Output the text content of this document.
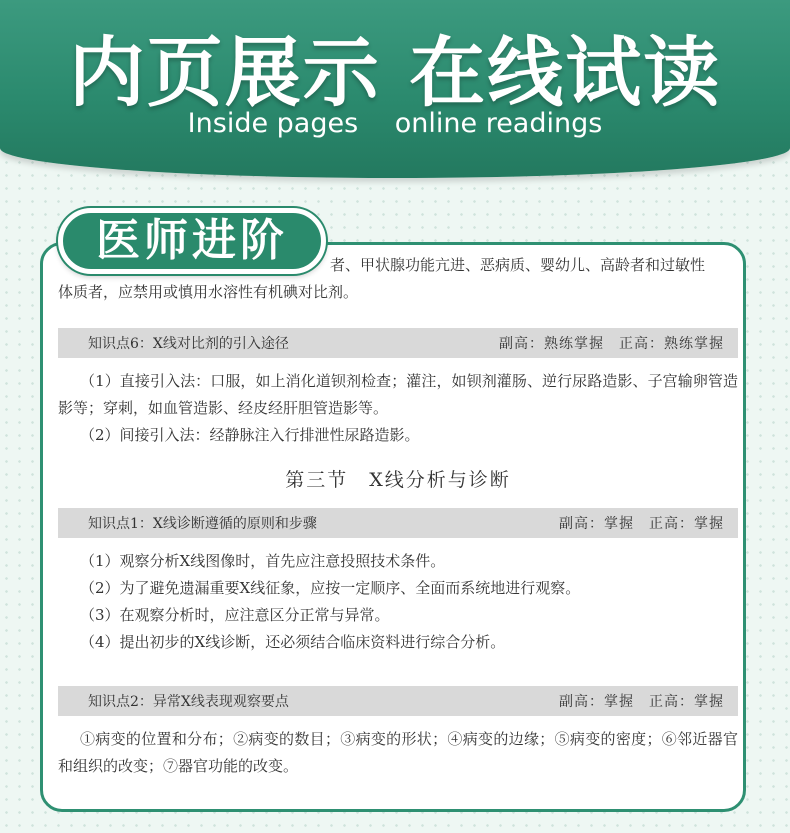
内页展示 在线试读
Inside pages online readings

者、甲状腺功能亢进、恶病质、婴幼儿、高龄者和过敏性

体质者，应禁用或慎用水溶性有机碘对比剂。

知识点6：X线对比剂的引入途径	副高：熟练掌握　正高：熟练掌握

（1）直接引入法：口服，如上消化道钡剂检查；灌注，如钡剂灌肠、逆行尿路造影、子宫输卵管造影等；穿刺，如血管造影、经皮经肝胆管造影等。

（2）间接引入法：经静脉注入行排泄性尿路造影。

第三节　X线分析与诊断
知识点1：X线诊断遵循的原则和步骤	副高：掌握　正高：掌握

（1）观察分析X线图像时，首先应注意投照技术条件。

（2）为了避免遗漏重要X线征象，应按一定顺序、全面而系统地进行观察。

（3）在观察分析时，应注意区分正常与异常。

（4）提出初步的X线诊断，还必须结合临床资料进行综合分析。

知识点2：异常X线表现观察要点	副高：掌握　正高：掌握

①病变的位置和分布；②病变的数目；③病变的形状；④病变的边缘；⑤病变的密度；⑥邻近器官和组织的改变；⑦器官功能的改变。

医师进阶
